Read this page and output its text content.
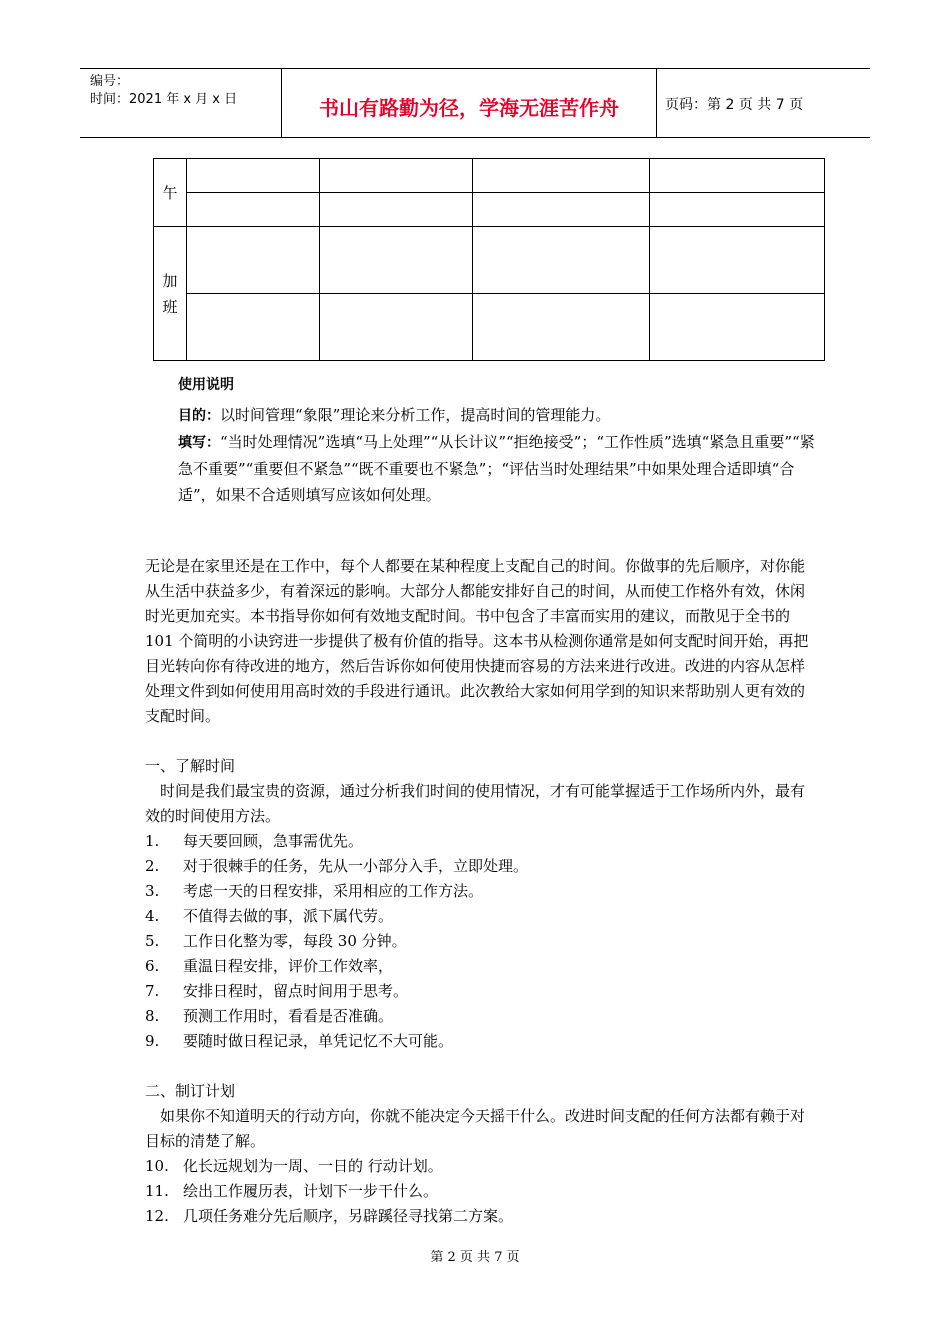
编号：
时间：2021 年 x 月 x 日	书山有路勤为径，学海无涯苦作舟	页码：第 2 页 共 7 页
午				

加
班				

使用说明
目的：以时间管理“象限”理论来分析工作，提高时间的管理能力。
填写：“当时处理情况”选填“马上处理”“从长计议”“拒绝接受”；“工作性质”选填“紧急且重要”“紧急不重要”“重要但不紧急”“既不重要也不紧急”；“评估当时处理结果”中如果处理合适即填“合适”，如果不合适则填写应该如何处理。

无论是在家里还是在工作中，每个人都要在某种程度上支配自己的时间。你做事的先后顺序，对你能从生活中获益多少，有着深远的影响。大部分人都能安排好自己的时间，从而使工作格外有效，休闲时光更加充实。本书指导你如何有效地支配时间。书中包含了丰富而实用的建议，而散见于全书的 101 个简明的小诀窍进一步提供了极有价值的指导。这本书从检测你通常是如何支配时间开始，再把目光转向你有待改进的地方，然后告诉你如何使用快捷而容易的方法来进行改进。改进的内容从怎样处理文件到如何使用用高时效的手段进行通讯。此次教给大家如何用学到的知识来帮助别人更有效的支配时间。

一、了解时间

时间是我们最宝贵的资源，通过分析我们时间的使用情况，才有可能掌握适于工作场所内外，最有效的时间使用方法。

1.	每天要回顾，急事需优先。
2.	对于很棘手的任务，先从一小部分入手，立即处理。
3.	考虑一天的日程安排，采用相应的工作方法。
4.	不值得去做的事，派下属代劳。
5.	工作日化整为零，每段 30 分钟。
6.	重温日程安排，评价工作效率，
7.	安排日程时，留点时间用于思考。
8.	预测工作用时，看看是否准确。
9.	要随时做日程记录，单凭记忆不大可能。

二、制订计划

如果你不知道明天的行动方向，你就不能决定今天摇干什么。改进时间支配的任何方法都有赖于对目标的清楚了解。

10. 化长远规划为一周、一日的 行动计划。
11. 绘出工作履历表，计划下一步干什么。
12. 几项任务难分先后顺序，另辟蹊径寻找第二方案。
第 2 页 共 7 页
